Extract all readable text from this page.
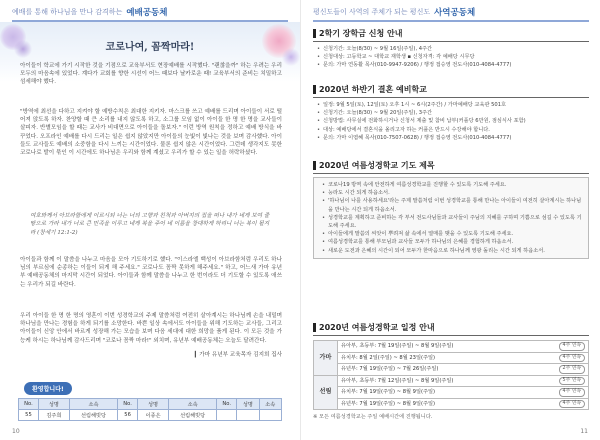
예배를 통해 하나님을 만나 감격하는 예배공동체
코로나여, 꼼짝마라!
아이들이 학교에 가기 시작한 것을 기점으로 교육부서도 현장예배를 시작했다. "괜찮을까" 하는 우려는 우리 모두의 마음속에 있었다. 계다가 교회를 향한 시선이 어느 때보다 날카로운 때! 교육부서의 준비는 치밀하고 섬세해야 했다.
"방역에 최선을 다하고 지켜야 할 예방수칙은 최대한 지키자. 마스크를 쓰고 예배를 드리며 아이들이 서로 떨어져 앉도록 하자. 찬양할 때 큰 소리를 내지 않도록 하고, 소그룹 모임 없이 아이들 한 명 한 명을 교사들이 살피자. 반별모임을 할 때는 교사가 비대면으로 아이들을 돌보자." 이런 방역 원칙을 정하고 예배 방식을 바꾸었다. 오프라인 예배를 다시 드리는 일은 쉽지 않았지만 아이들의 눈빛이 빛나는 것을 보며 감사했다. 아이들도 교사들도 예배의 소중함을 다시 느끼는 시간이었다. 물론 쉽지 않은 시간이었다. 그런데 생각지도 못한 코로나로 발이 묶인 이 시간에도 하나님은 우리와 함께 계셨고 우리가 할 수 있는 일을 허락하셨다.
여호와께서 아브라함에게 이르시되 너는 너의 고향과 친척과 아버지의 집을 떠나 내가 네게 보여 줄 땅으로 가라 내가 너로 큰 민족을 이루고 네게 복을 주어 네 이름을 창대하게 하리니 너는 복이 될지라 (창세기 12:1-2)
아이들과 함께 이 말씀을 나누고 마음을 모아 기도하기로 했다. "이스라엘 백성이 아브라함처럼 우리도 하나님의 부르심에 순종하는 이들이 되게 해 주세요." 코로나도 꼼짝 못하게 해주세요." 하고, 어느새 가마 유년부 예배공동체의 마지막 시간이 되었다. 아이들과 함께 말씀을 나누고 한 번이라도 더 기도할 수 있도록 애쓰는 우리가 되길 바란다.
우리 아이들 한 명 한 명의 영혼이 이번 성경학교의 주제 말씀처럼 여전히 살아계시는 하나님께 손을 내밀며 하나님을 만나는 경험을 하게 되기를 소망한다. 바쁜 일상 속에서도 아이들을 위해 기도하는 교사들, 그리고 아이들이 신앙 안에서 바르게 성장해 가는 모습을 보며 다음 세대에 대한 희망을 품게 된다. 이 모든 것을 가능케 하시는 하나님께 감사드리며 "코로나 꼼짝 마라!" 외치며, 유년부 예배공동체는 오늘도 달려간다.
▎가마 유년부 교육목자 김지희 집사
환영합니다!
No.	성명	소속	No.	성명	소속	No.	성명	소속
55	김주희	선림해빗당	56	이종은	선림해빗당			
10
평신도들이 사역의 주체가 되는 평신도 사역공동체
2학기 장학금 신청 안내
• 신청기간: 오늘(8/30) ~ 9월 16일(주일), 4주간
• 신청대상: 고등학교 ~ 대학교 재학생 ▪ 신청자격: 각 예배당 시무당
• 문의: 가마 연동활 목사(010-9947-9206) / 행정 접승영 전도사(010-4084-4777)
2020년 하반기 결혼 예비학교
• 일정: 9월 5일(토), 12일(토) 오후 1시 ~ 6시(2주간) / 가마예배당 교육관 501호
• 신청기간: 오늘(8/30) ~ 9월 20일(주일), 3주간
• 신청방법: 사무실에 전화하시거나 신청서 제출 및 참비 납부(커플당 6만원, 점심식사 포함)
• 대상: 예배당에서 결혼식을 올리고자 하는 커플은 반드시 수강해야 합니다.
• 문의: 가마 이엽혜 목사(010-7507-0628) / 행정 접승영 전도사(010-4084-4777)
2020년 여름성경학교 기도 제목
• 코로나19 방역 속에 안전하게 여름성경학교를 진행할 수 있도록 기도해 주세요.
• 능라도 시간 되게 하옵소서.
• '하나님이 나를 사용하세요'라는 주제 말씀처럼 이번 성경학교를 통해 만나는 아이들이 여전히 살아계시는 하나님을 만나는 시간 되게 하옵소서.
• 성경학교를 계획하고 준비하는 각 부서 전도사님들과 교사들이 주님의 지혜를 구하며 기쁨으로 섬길 수 있도록 기도해 주세요.
• 아이들에게 말씀의 씨앗이 뿌려져 삶 속에서 열매를 맺을 수 있도록 기도해 주세요.
• 여름성경학교를 통해 부모님과 교사들 모두가 하나님의 은혜를 경험하게 하옵소서.
• 새로운 도전과 은혜의 시간이 되어 모두가 한마음으로 하나님께 영광 돌리는 시간 되게 하옵소서.
2020년 여름성경학교 일정 안내
가마	유아부, 초등부: 7월 19일(주일) ~ 8월 9일(주일) 4주 연속

	유치부: 8월 2일(주일) ~ 8월 23일(주일) 4주 연속

	유년부: 7월 19일(주일) ~ 7월 26일(주일) 2주 연속

선림	유아부, 초등부: 7월 12일(주일) ~ 8월 9일(주일) 5주 연속

	유치부: 7월 19일(주일) ~ 8월 9일(주일) 4주 연속

	유년부: 7월 19일(주일) ~ 8월 9일(주일) 4주 연속
※ 모든 여름성경학교는 주일 예배시간에 진행됩니다.
11
